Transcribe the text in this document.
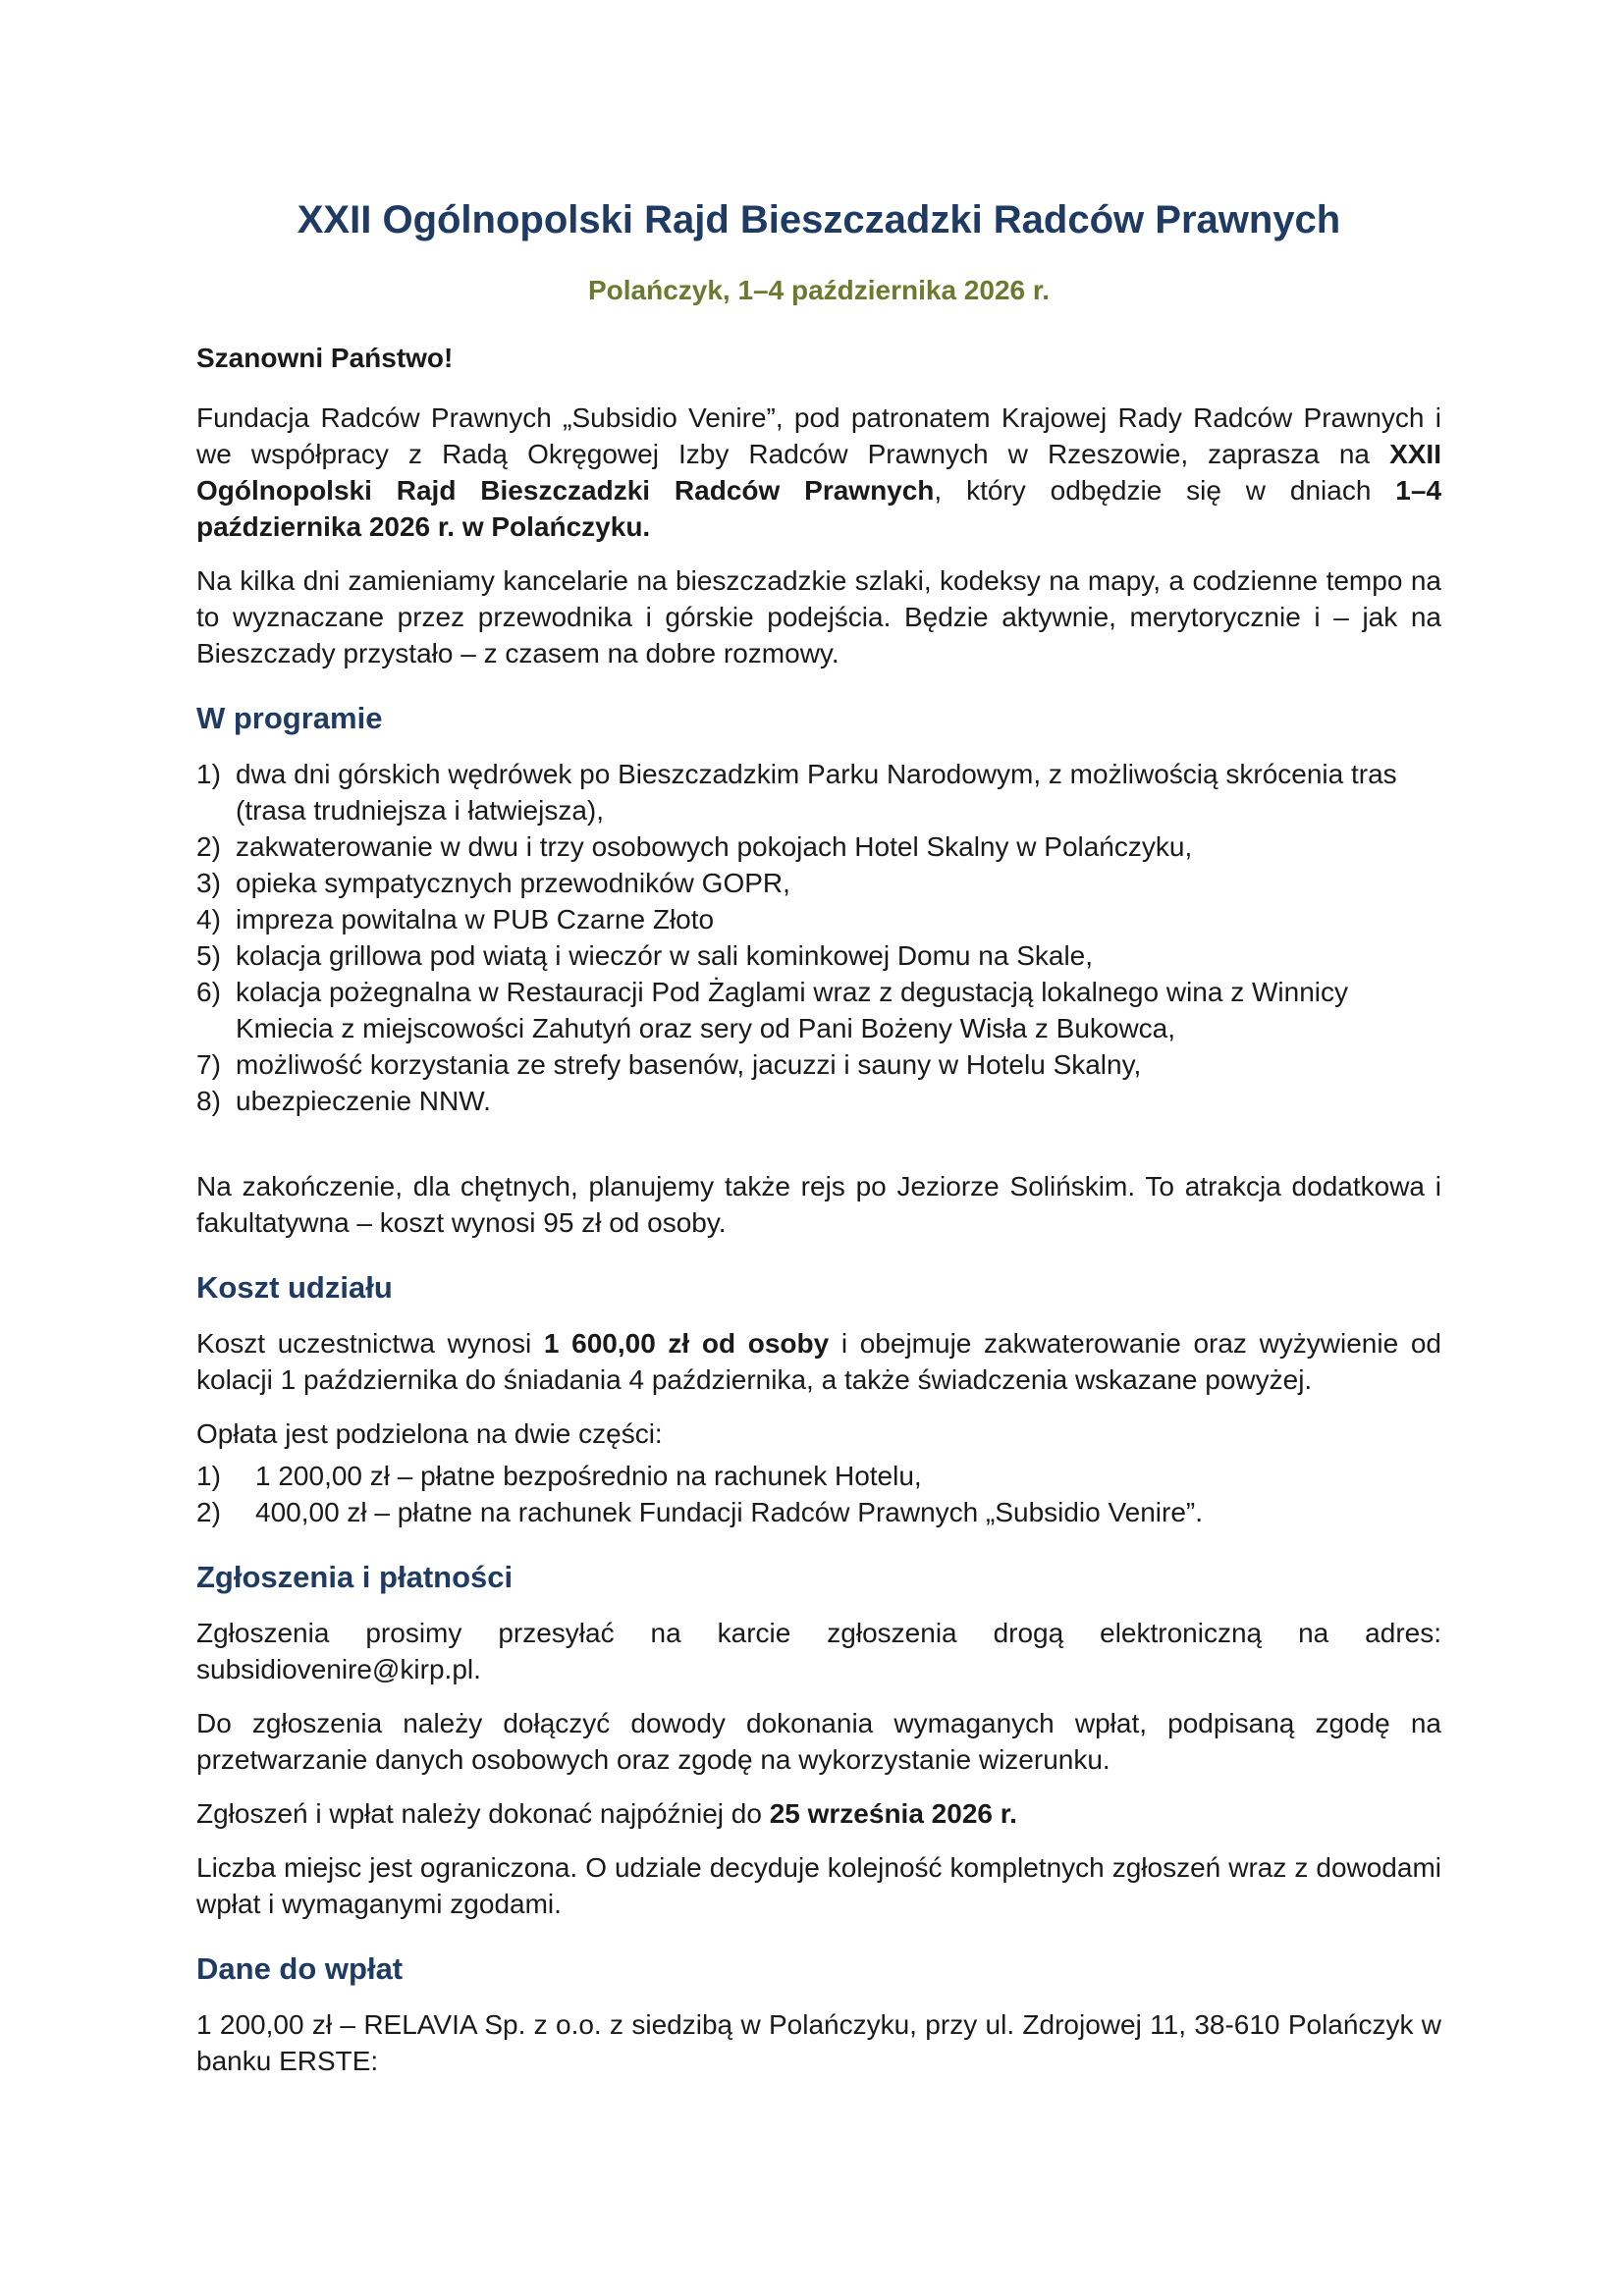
XXII Ogólnopolski Rajd Bieszczadzki Radców Prawnych
Polańczyk, 1–4 października 2026 r.

Szanowni Państwo!

Fundacja Radców Prawnych „Subsidio Venire”, pod patronatem Krajowej Rady Radców Prawnych i we współpracy z Radą Okręgowej Izby Radców Prawnych w Rzeszowie, zaprasza na XXII Ogólnopolski Rajd Bieszczadzki Radców Prawnych, który odbędzie się w dniach 1–4 października 2026 r. w Polańczyku.

Na kilka dni zamieniamy kancelarie na bieszczadzkie szlaki, kodeksy na mapy, a codzienne tempo na to wyznaczane przez przewodnika i górskie podejścia. Będzie aktywnie, merytorycznie i – jak na Bieszczady przystało – z czasem na dobre rozmowy.

W programie
1) dwa dni górskich wędrówek po Bieszczadzkim Parku Narodowym, z możliwością skrócenia tras (trasa trudniejsza i łatwiejsza),
2) zakwaterowanie w dwu i trzy osobowych pokojach Hotel Skalny w Polańczyku,
3) opieka sympatycznych przewodników GOPR,
4) impreza powitalna w PUB Czarne Złoto
5) kolacja grillowa pod wiatą i wieczór w sali kominkowej Domu na Skale,
6) kolacja pożegnalna w Restauracji Pod Żaglami wraz z degustacją lokalnego wina z Winnicy Kmiecia z miejscowości Zahutyń oraz sery od Pani Bożeny Wisła z Bukowca,
7) możliwość korzystania ze strefy basenów, jacuzzi i sauny w Hotelu Skalny,
8) ubezpieczenie NNW.

Na zakończenie, dla chętnych, planujemy także rejs po Jeziorze Solińskim. To atrakcja dodatkowa i fakultatywna – koszt wynosi 95 zł od osoby.

Koszt udziału

Koszt uczestnictwa wynosi 1 600,00 zł od osoby i obejmuje zakwaterowanie oraz wyżywienie od kolacji 1 października do śniadania 4 października, a także świadczenia wskazane powyżej.

Opłata jest podzielona na dwie części:

1)	1 200,00 zł – płatne bezpośrednio na rachunek Hotelu,
2)	400,00 zł – płatne na rachunek Fundacji Radców Prawnych „Subsidio Venire”.
Zgłoszenia i płatności

Zgłoszenia prosimy przesyłać na karcie zgłoszenia drogą elektroniczną na adres: subsidiovenire@kirp.pl.

Do zgłoszenia należy dołączyć dowody dokonania wymaganych wpłat, podpisaną zgodę na przetwarzanie danych osobowych oraz zgodę na wykorzystanie wizerunku.

Zgłoszeń i wpłat należy dokonać najpóźniej do 25 września 2026 r.

Liczba miejsc jest ograniczona. O udziale decyduje kolejność kompletnych zgłoszeń wraz z dowodami wpłat i wymaganymi zgodami.

Dane do wpłat

1 200,00 zł – RELAVIA Sp. z o.o. z siedzibą w Polańczyku, przy ul. Zdrojowej 11, 38-610 Polańczyk w banku ERSTE:
